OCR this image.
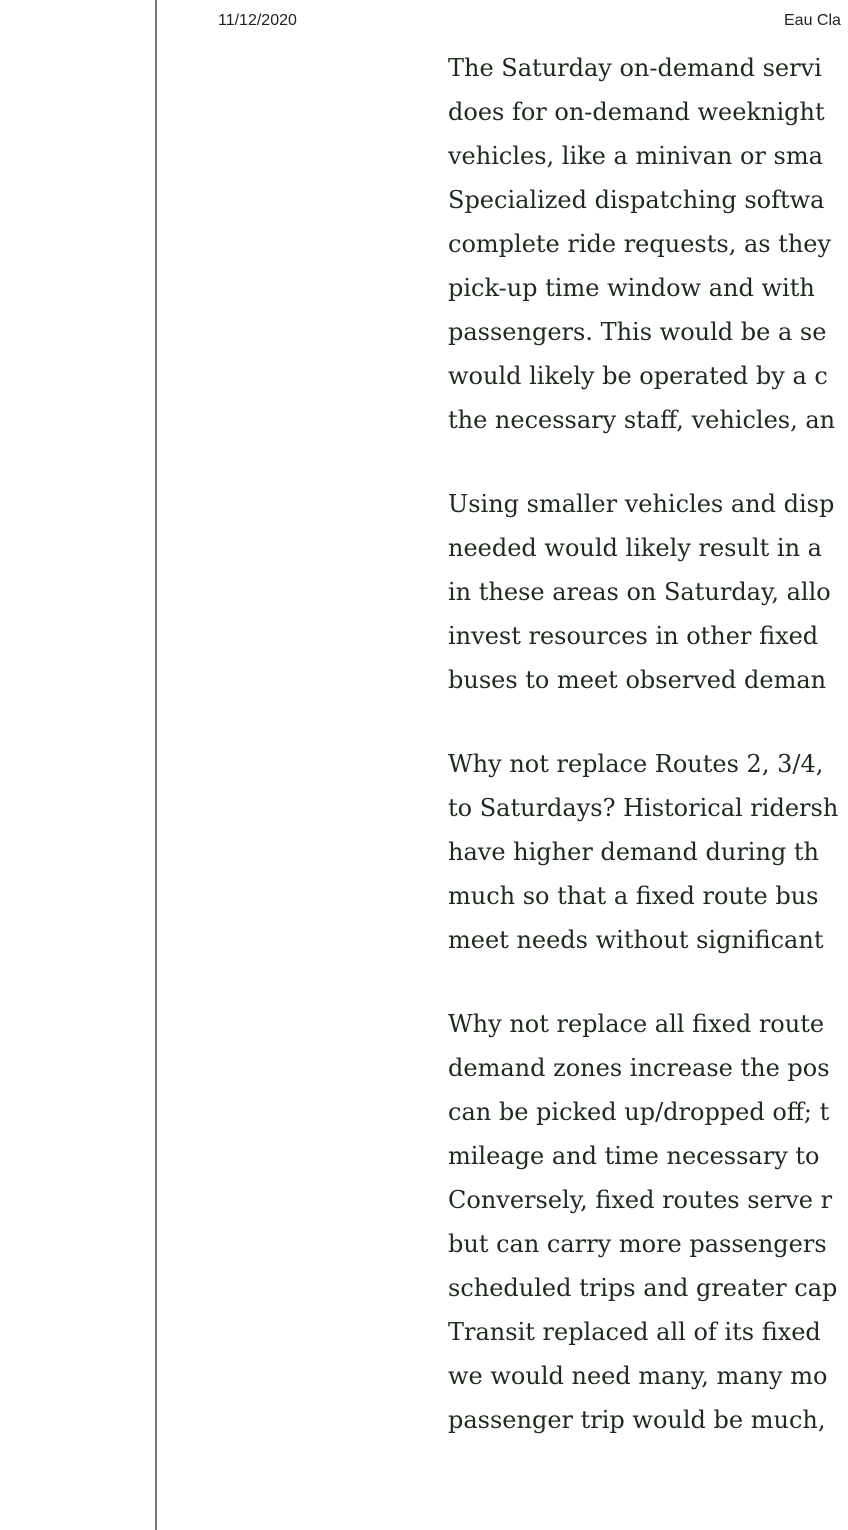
11/12/2020	Eau Cla
The Saturday on-demand servi
does for on-demand weeknight
vehicles, like a minivan or sma
Specialized dispatching softwa
complete ride requests, as they
pick-up time window and with
passengers. This would be a se
would likely be operated by a c
the necessary staff, vehicles, an
Using smaller vehicles and disp
needed would likely result in a
in these areas on Saturday, allo
invest resources in other fixed
buses to meet observed deman
Why not replace Routes 2, 3/4,
to Saturdays? Historical ridersh
have higher demand during th
much so that a fixed route bus
meet needs without significant
Why not replace all fixed route
demand zones increase the pos
can be picked up/dropped off; t
mileage and time necessary to
Conversely, fixed routes serve r
but can carry more passengers
scheduled trips and greater cap
Transit replaced all of its fixed
we would need many, many mo
passenger trip would be much,
